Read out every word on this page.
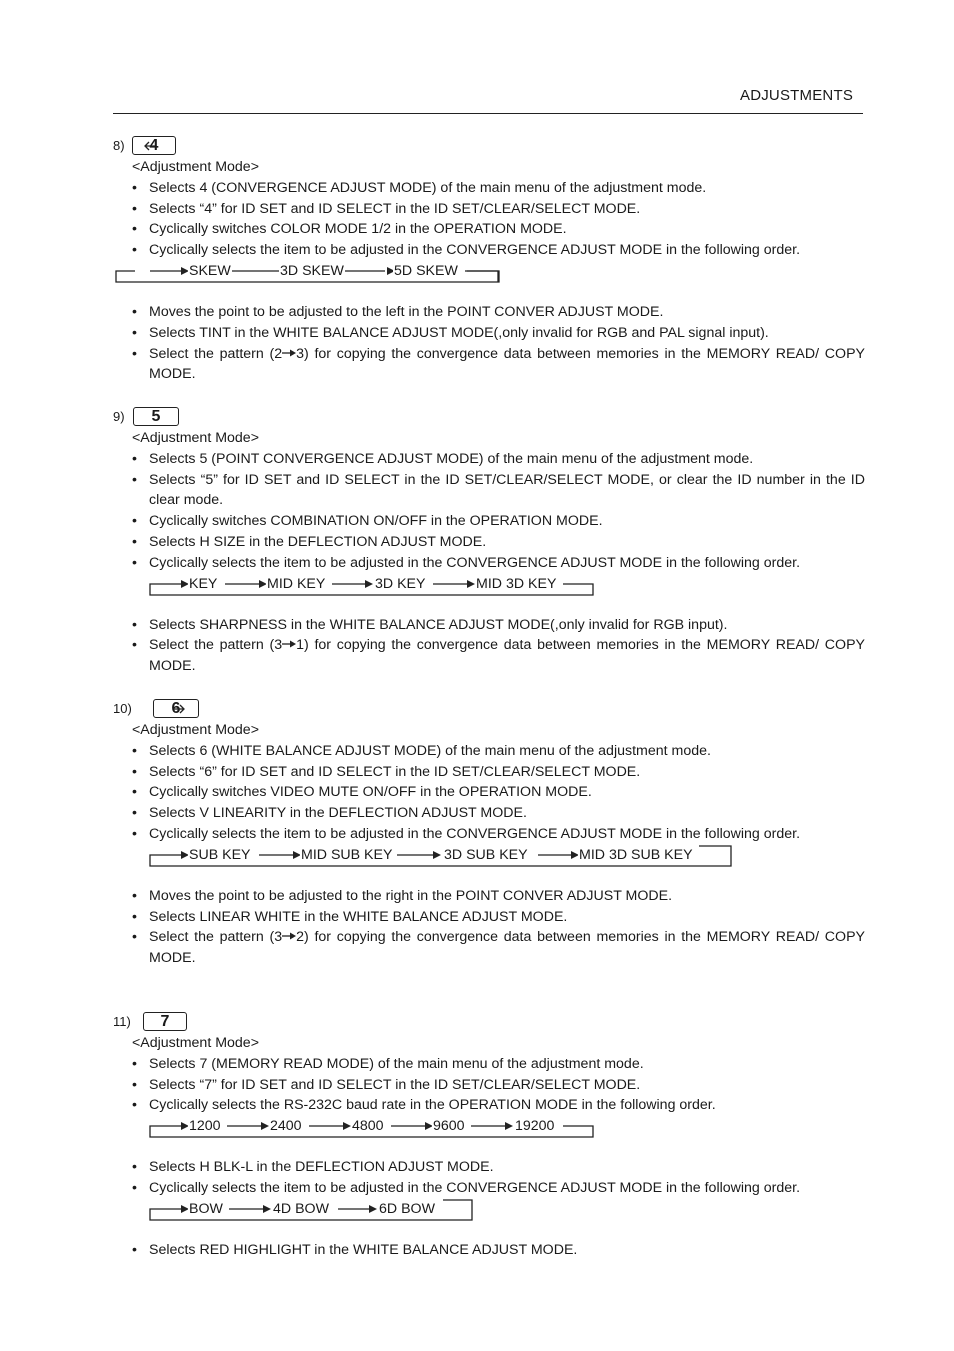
ADJUSTMENTS
8)	4
<Adjustment Mode>
• Selects 4 (CONVERGENCE ADJUST MODE) of the main menu of the adjustment mode.
• Selects “4” for ID SET and ID SELECT in the ID SET/CLEAR/SELECT MODE.
• Cyclically switches COLOR MODE 1/2 in the OPERATION MODE.
• Cyclically selects the item to be adjusted in the CONVERGENCE ADJUST MODE in the following order.
SKEW	3D SKEW	5D SKEW
• Moves the point to be adjusted to the left in the POINT CONVER ADJUST MODE.
• Selects TINT in the WHITE BALANCE ADJUST MODE(,only invalid for RGB and PAL signal input).
• Select the pattern (2 3) for copying the convergence data between memories in the MEMORY READ/ COPY MODE.
9)	5
<Adjustment Mode>
• Selects 5 (POINT CONVERGENCE ADJUST MODE) of the main menu of the adjustment mode.
• Selects “5” for ID SET and ID SELECT in the ID SET/CLEAR/SELECT MODE, or clear the ID number in the ID clear mode.
• Cyclically switches COMBINATION ON/OFF in the OPERATION MODE.
• Selects H SIZE in the DEFLECTION ADJUST MODE.
• Cyclically selects the item to be adjusted in the CONVERGENCE ADJUST MODE in the following order.
KEY	MID KEY	3D KEY	MID 3D KEY
• Selects SHARPNESS in the WHITE BALANCE ADJUST MODE(,only invalid for RGB input).
• Select the pattern (3 1) for copying the convergence data between memories in the MEMORY READ/ COPY MODE.
10)	6
<Adjustment Mode>
• Selects 6 (WHITE BALANCE ADJUST MODE) of the main menu of the adjustment mode.
• Selects “6” for ID SET and ID SELECT in the ID SET/CLEAR/SELECT MODE.
• Cyclically switches VIDEO MUTE ON/OFF in the OPERATION MODE.
• Selects V LINEARITY in the DEFLECTION ADJUST MODE.
• Cyclically selects the item to be adjusted in the CONVERGENCE ADJUST MODE in the following order.
SUB KEY	MID SUB KEY	3D SUB KEY	MID 3D SUB KEY
• Moves the point to be adjusted to the right in the POINT CONVER ADJUST MODE.
• Selects LINEAR WHITE in the WHITE BALANCE ADJUST MODE.
• Select the pattern (3 2) for copying the convergence data between memories in the MEMORY READ/ COPY MODE.
11)	7
<Adjustment Mode>
• Selects 7 (MEMORY READ MODE) of the main menu of the adjustment mode.
• Selects “7” for ID SET and ID SELECT in the ID SET/CLEAR/SELECT MODE.
• Cyclically selects the RS-232C baud rate in the OPERATION MODE in the following order.
1200	2400	4800	9600	19200
• Selects H BLK-L in the DEFLECTION ADJUST MODE.
• Cyclically selects the item to be adjusted in the CONVERGENCE ADJUST MODE in the following order.
BOW	4D BOW	6D BOW
• Selects RED HIGHLIGHT in the WHITE BALANCE ADJUST MODE.
